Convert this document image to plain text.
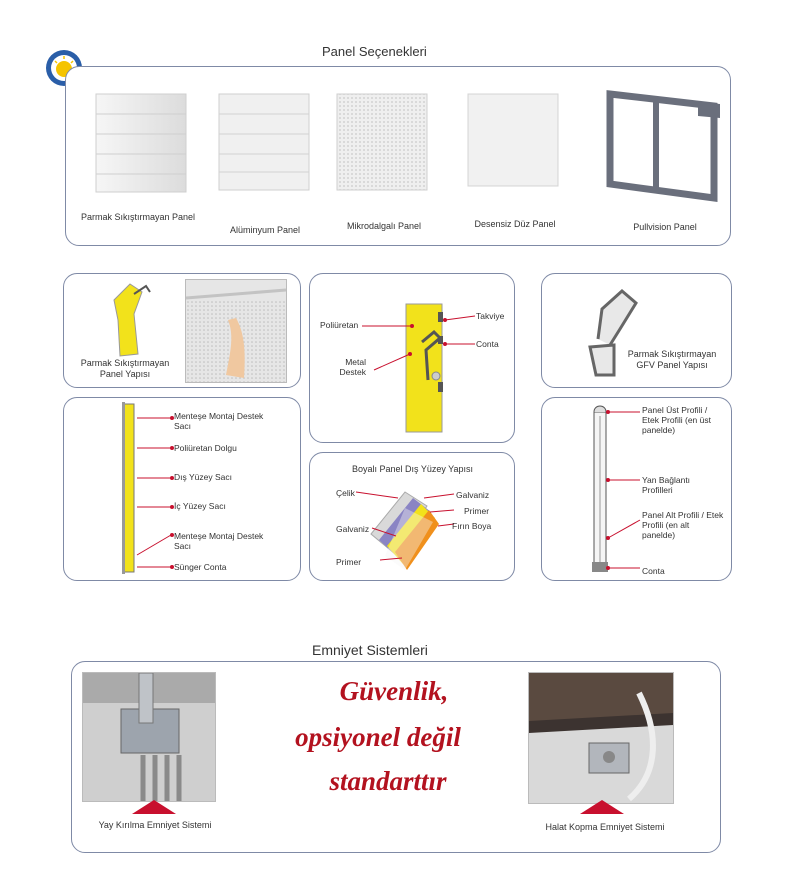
Panel Seçenekleri
Parmak Sıkıştırmayan Panel
Alüminyum Panel	Mikrodalgalı Panel	Desensiz Düz Panel	Pullvision Panel
Parmak Sıkıştırmayan Panel Yapısı
Menteşe Montaj Destek Sacı
Poliüretan Dolgu
Dış Yüzey Sacı
İç Yüzey Sacı
Menteşe Montaj Destek Sacı
Sünger Conta
Poliüretan
Takviye
Conta
Metal Destek
Boyalı Panel Dış Yüzey Yapısı
Çelik	Galvaniz
Primer
Fırın Boya
Galvaniz
Primer
Parmak Sıkıştırmayan GFV Panel Yapısı
Panel Üst Profili / Etek Profili (en üst panelde)
Yan Bağlantı Profilleri
Panel Alt Profili / Etek Profili (en alt panelde)
Conta
Emniyet Sistemleri
Yay Kırılma Emniyet Sistemi
Güvenlik,
opsiyonel değil
standarttır
Halat Kopma Emniyet Sistemi
